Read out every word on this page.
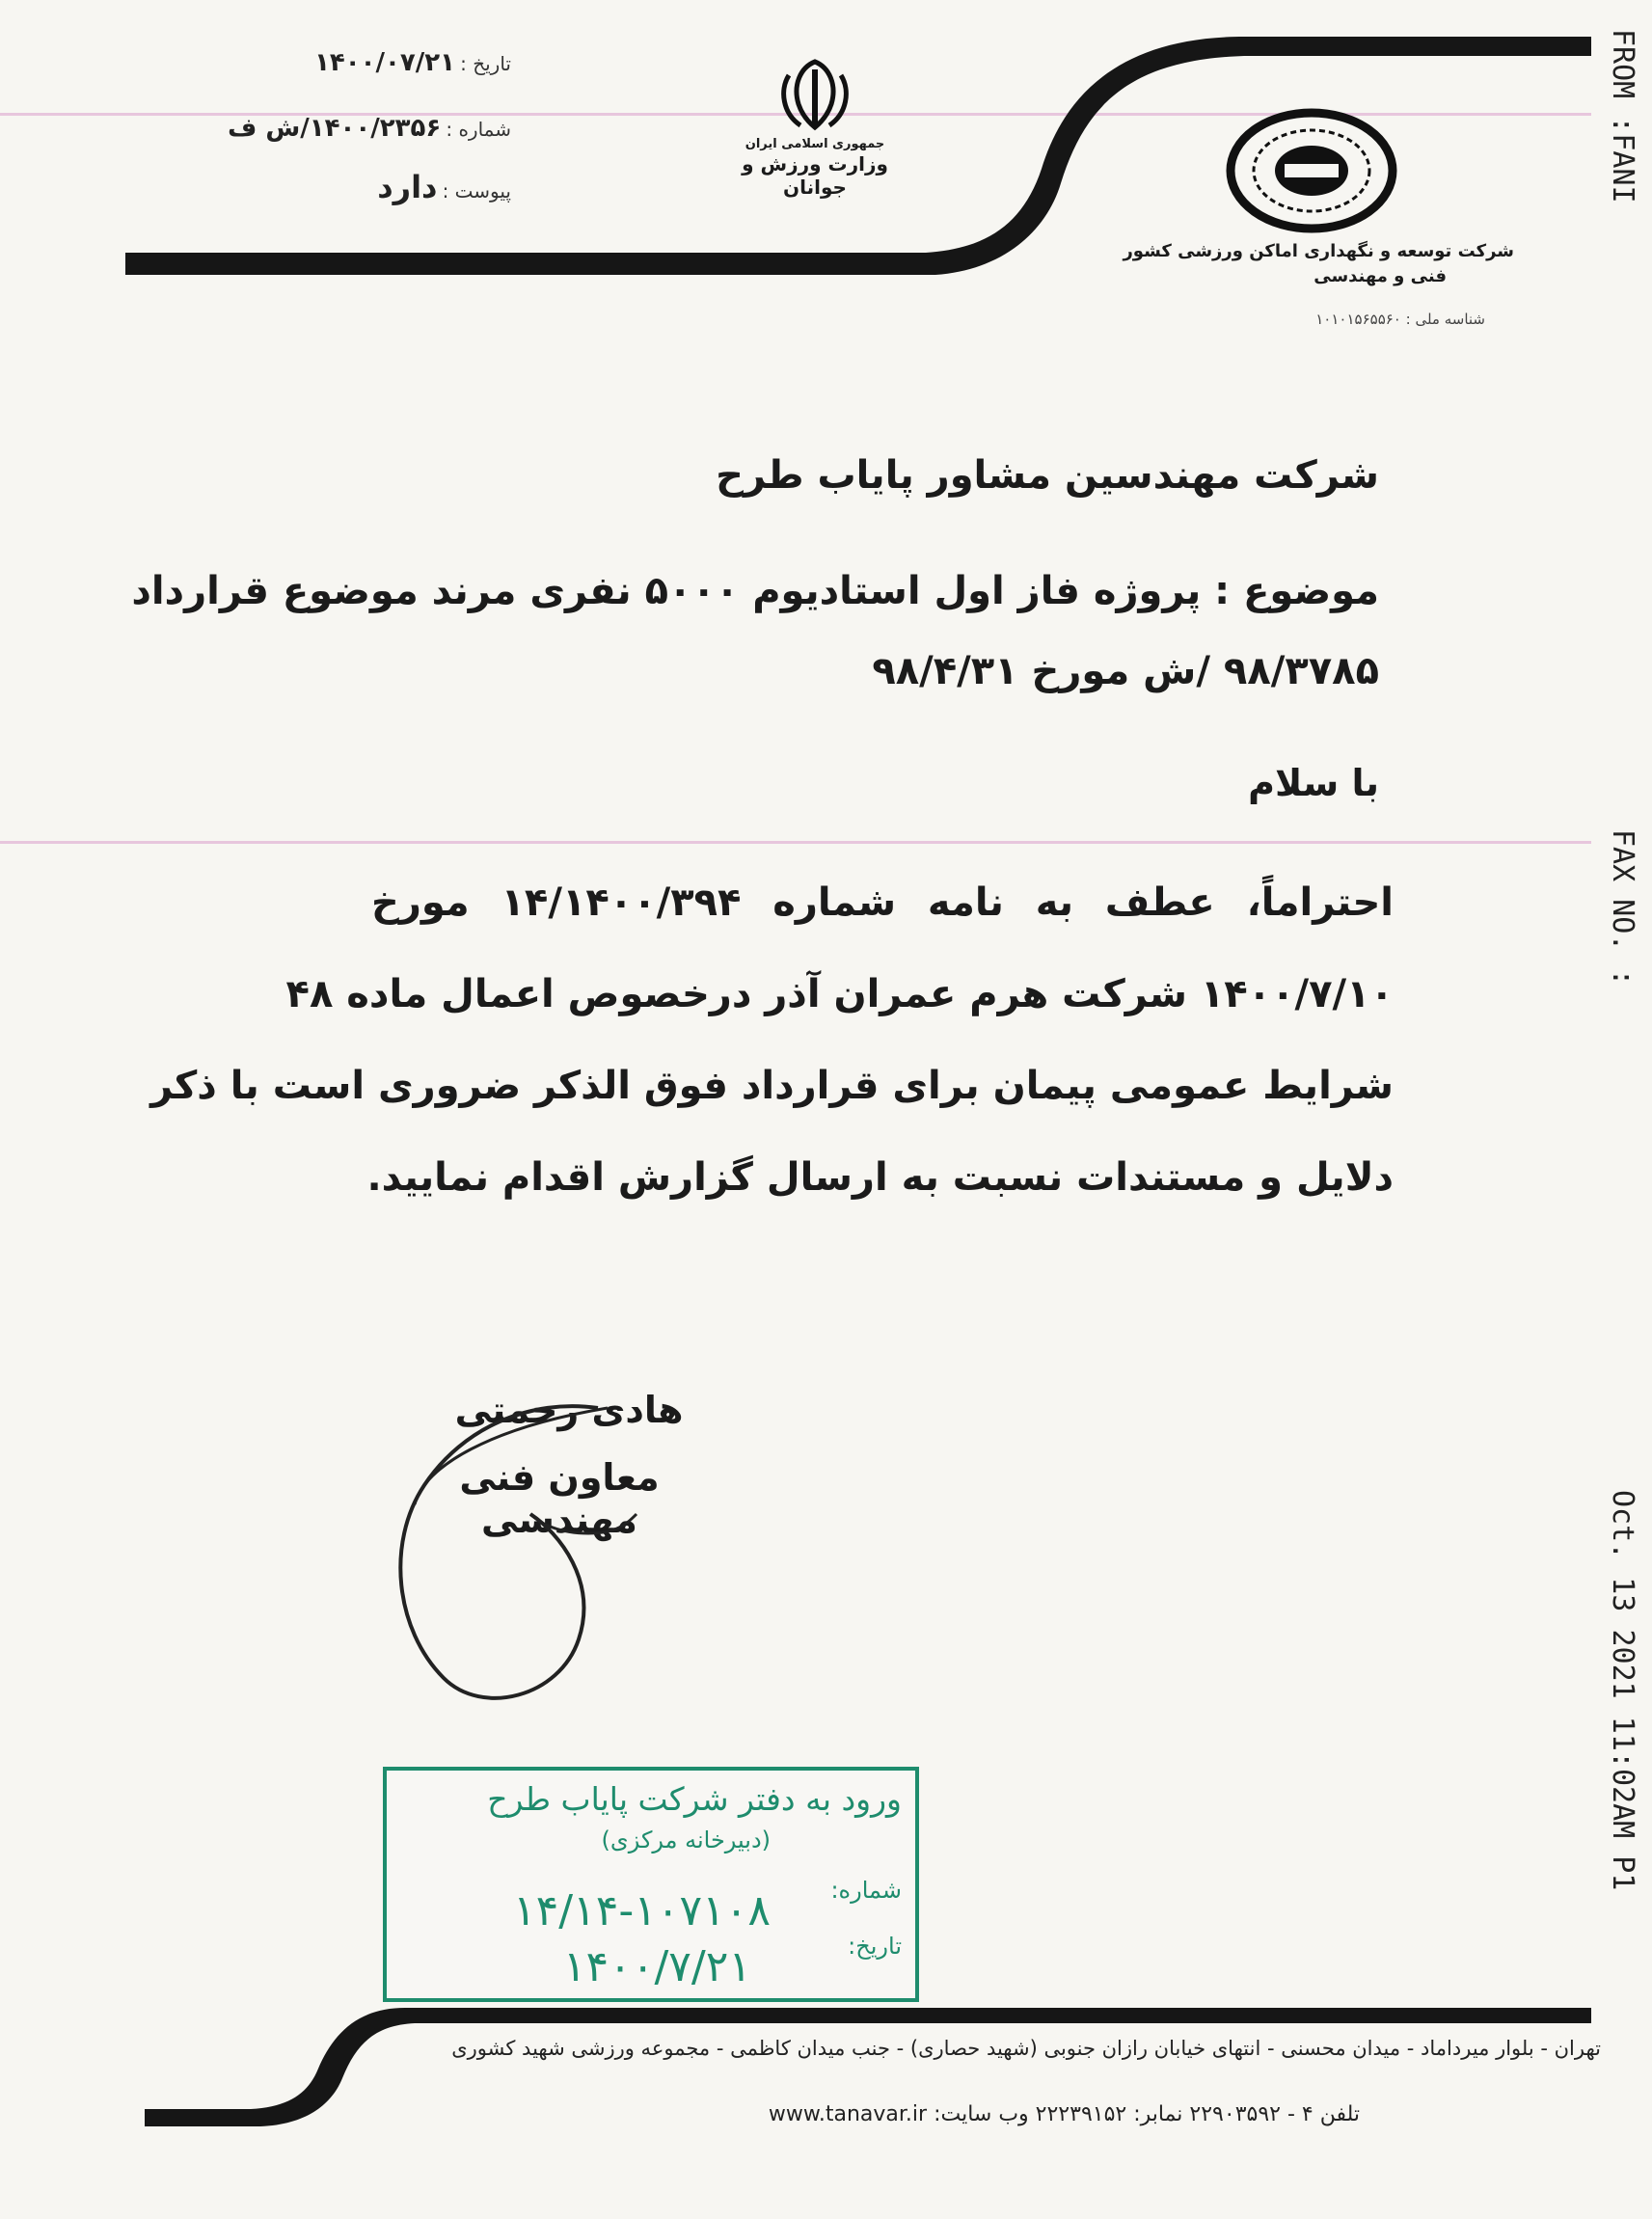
جمهوری اسلامی ایران
وزارت ورزش و جوانان
شرکت توسعه و نگهداری اماکن ورزشی کشور
فنی و مهندسی
شناسه ملی : ۱۰۱۰۱۵۶۵۵۶۰
تاریخ : ۱۴۰۰/۰۷/۲۱
شماره : ۱۴۰۰/۲۳۵۶/ش ف
پیوست : دارد
شرکت مهندسین مشاور پایاب طرح
موضوع : پروژه فاز اول استادیوم ۵۰۰۰ نفری مرند موضوع قرارداد
۹۸/۳۷۸۵ /ش مورخ ۹۸/۴/۳۱
با سلام
احتراماً، عطف به نامه شماره ۱۴/۱۴۰۰/۳۹۴ مورخ
۱۴۰۰/۷/۱۰ شرکت هرم عمران آذر درخصوص اعمال ماده ۴۸
شرایط عمومی پیمان برای قرارداد فوق الذکر ضروری است با ذکر
دلایل و مستندات نسبت به ارسال گزارش اقدام نمایید.
هادی رحمتی
معاون فنی مهندسی
ورود به دفتر شرکت پایاب طرح
(دبیرخانه مرکزی)
شماره:
۱۴/۱۴-۱۰۷۱۰۸
تاریخ:
۱۴۰۰/۷/۲۱
FROM :FANI
FAX NO. :
Oct. 13 2021 11:02AM P1
تهران - بلوار میرداماد - میدان محسنی - انتهای خیابان رازان جنوبی (شهید حصاری) - جنب میدان کاظمی - مجموعه ورزشی شهید کشوری
تلفن ۴ - ۲۲۹۰۳۵۹۲ نمابر: ۲۲۲۳۹۱۵۲ وب سایت: www.tanavar.ir
